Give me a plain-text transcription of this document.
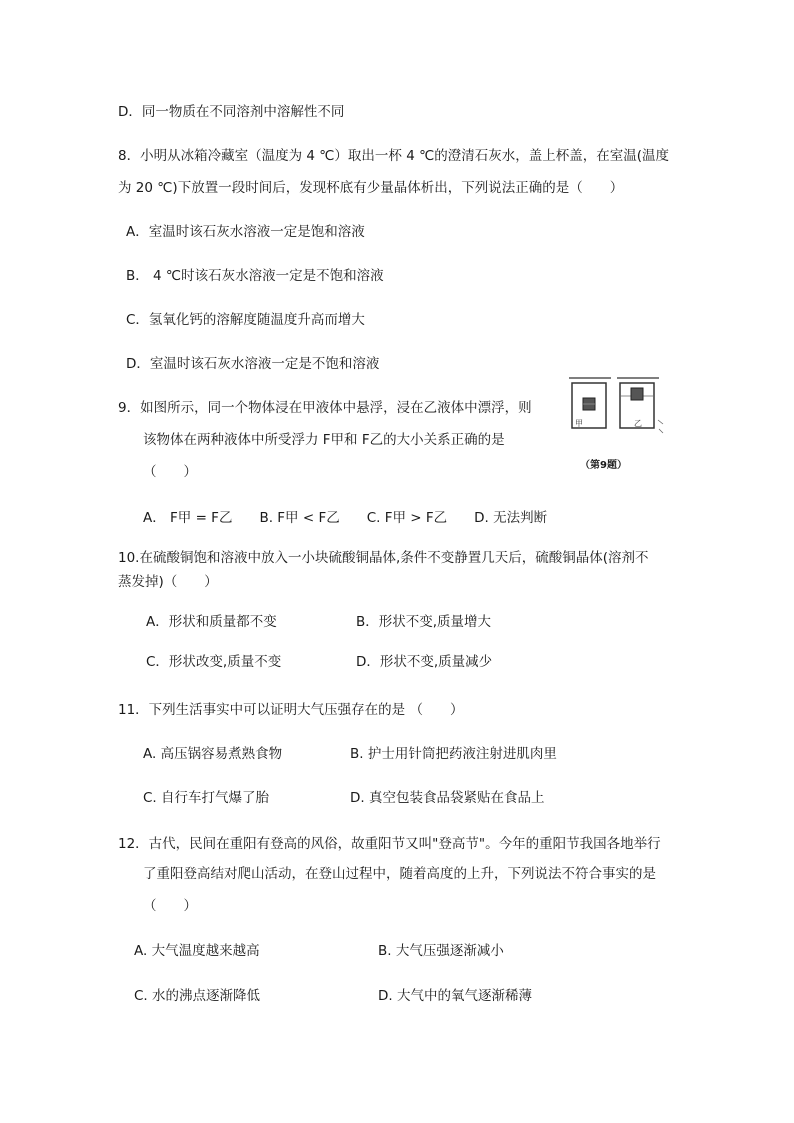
D．同一物质在不同溶剂中溶解性不同
8．小明从冰箱冷藏室（温度为 4 ℃）取出一杯 4 ℃的澄清石灰水，盖上杯盖，在室温(温度
为 20 ℃)下放置一段时间后，发现杯底有少量晶体析出，下列说法正确的是（　　）
A．室温时该石灰水溶液一定是饱和溶液
B． 4 ℃时该石灰水溶液一定是不饱和溶液
C．氢氧化钙的溶解度随温度升高而增大
D．室温时该石灰水溶液一定是不饱和溶液
9．如图所示，同一个物体浸在甲液体中悬浮，浸在乙液体中漂浮，则
该物体在两种液体中所受浮力 F甲和 F乙的大小关系正确的是
（　　）
甲	乙
（第9题）
A． F甲 = F乙　　B. F甲 < F乙　　C. F甲 > F乙　　D. 无法判断
10.在硫酸铜饱和溶液中放入一小块硫酸铜晶体,条件不变静置几天后，硫酸铜晶体(溶剂不
蒸发掉)（　　）
A．形状和质量都不变	B．形状不变,质量增大
C．形状改变,质量不变	D．形状不变,质量减少
11．下列生活事实中可以证明大气压强存在的是 （　　）
A. 高压锅容易煮熟食物	B. 护士用针筒把药液注射进肌肉里
C. 自行车打气爆了胎	D. 真空包装食品袋紧贴在食品上
12．古代，民间在重阳有登高的风俗，故重阳节又叫"登高节"。今年的重阳节我国各地举行
了重阳登高结对爬山活动，在登山过程中，随着高度的上升，下列说法不符合事实的是
（　　）
A. 大气温度越来越高	B. 大气压强逐渐减小
C. 水的沸点逐渐降低	D. 大气中的氧气逐渐稀薄
